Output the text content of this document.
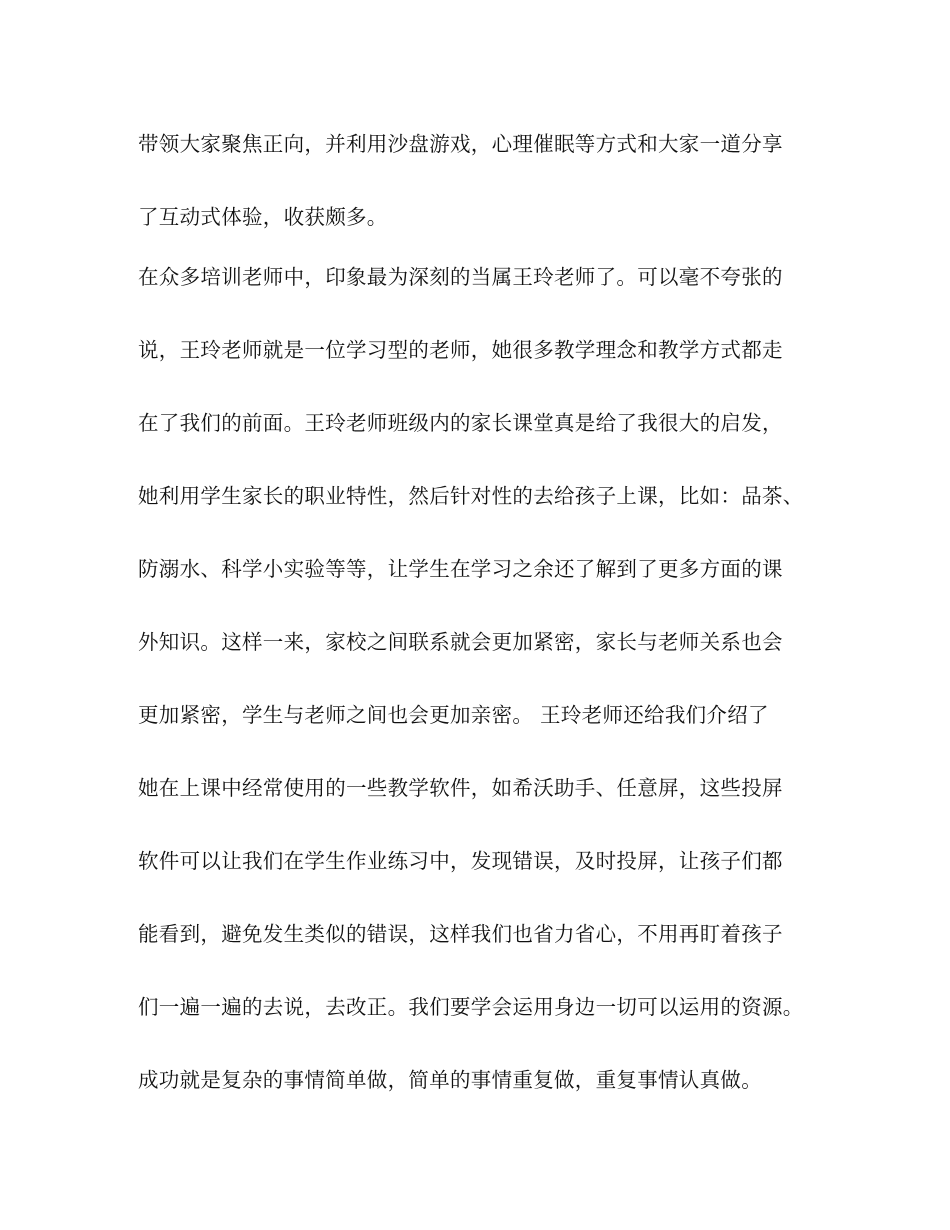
带领大家聚焦正向，并利用沙盘游戏，心理催眠等方式和大家一道分享
了互动式体验，收获颇多。
在众多培训老师中，印象最为深刻的当属王玲老师了。可以毫不夸张的
说，王玲老师就是一位学习型的老师，她很多教学理念和教学方式都走
在了我们的前面。王玲老师班级内的家长课堂真是给了我很大的启发，
她利用学生家长的职业特性，然后针对性的去给孩子上课，比如：品茶、
防溺水、科学小实验等等，让学生在学习之余还了解到了更多方面的课
外知识。这样一来，家校之间联系就会更加紧密，家长与老师关系也会
更加紧密，学生与老师之间也会更加亲密。 王玲老师还给我们介绍了
她在上课中经常使用的一些教学软件，如希沃助手、任意屏，这些投屏
软件可以让我们在学生作业练习中，发现错误，及时投屏，让孩子们都
能看到，避免发生类似的错误，这样我们也省力省心，不用再盯着孩子
们一遍一遍的去说，去改正。我们要学会运用身边一切可以运用的资源。
成功就是复杂的事情简单做，简单的事情重复做，重复事情认真做。
